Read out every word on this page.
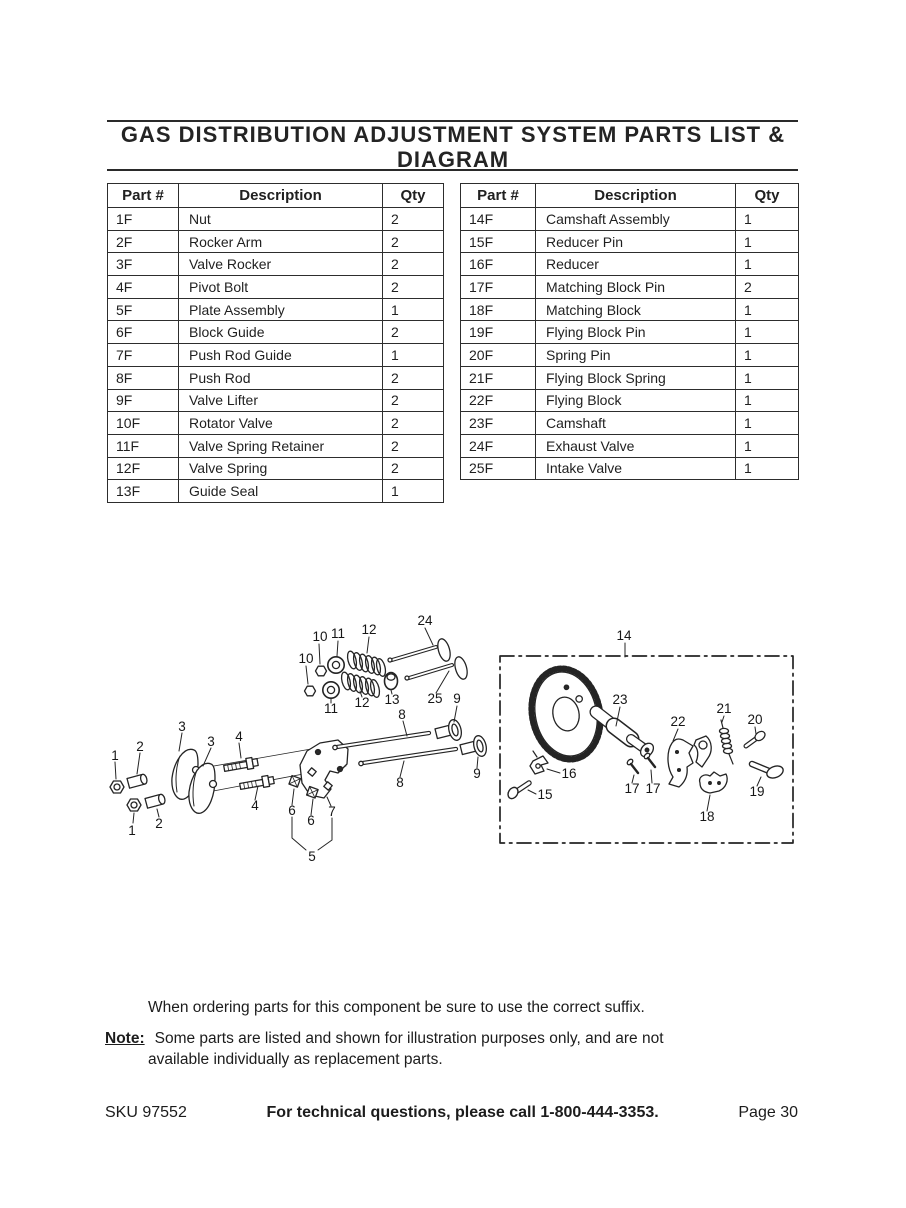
GAS DISTRIBUTION ADJUSTMENT SYSTEM PARTS LIST &
DIAGRAM
Part #	Description	Qty
1F	Nut	2
2F	Rocker Arm	2
3F	Valve Rocker	2
4F	Pivot Bolt	2
5F	Plate Assembly	1
6F	Block Guide	2
7F	Push Rod Guide	1
8F	Push Rod	2
9F	Valve Lifter	2
10F	Rotator Valve	2
11F	Valve Spring Retainer	2
12F	Valve Spring	2
13F	Guide Seal	1
Part #	Description	Qty
14F	Camshaft Assembly	1
15F	Reducer Pin	1
16F	Reducer	1
17F	Matching Block Pin	2
18F	Matching Block	1
19F	Flying Block Pin	1
20F	Spring Pin	1
21F	Flying Block Spring	1
22F	Flying Block	1
23F	Camshaft	1
24F	Exhaust Valve	1
25F	Intake Valve	1
1
2
1 2
3
3 4
4
5
6
6
7
8
8
9
9
10
10
11
11
12
12 13
24
25
14
15
16
17 17
18
19
20
21
22
23

When ordering parts for this component be sure to use the correct suffix.

Note: Some parts are listed and shown for illustration purposes only, and are not

available individually as replacement parts.

SKU 97552	For technical questions, please call 1-800-444-3353.	Page 30
